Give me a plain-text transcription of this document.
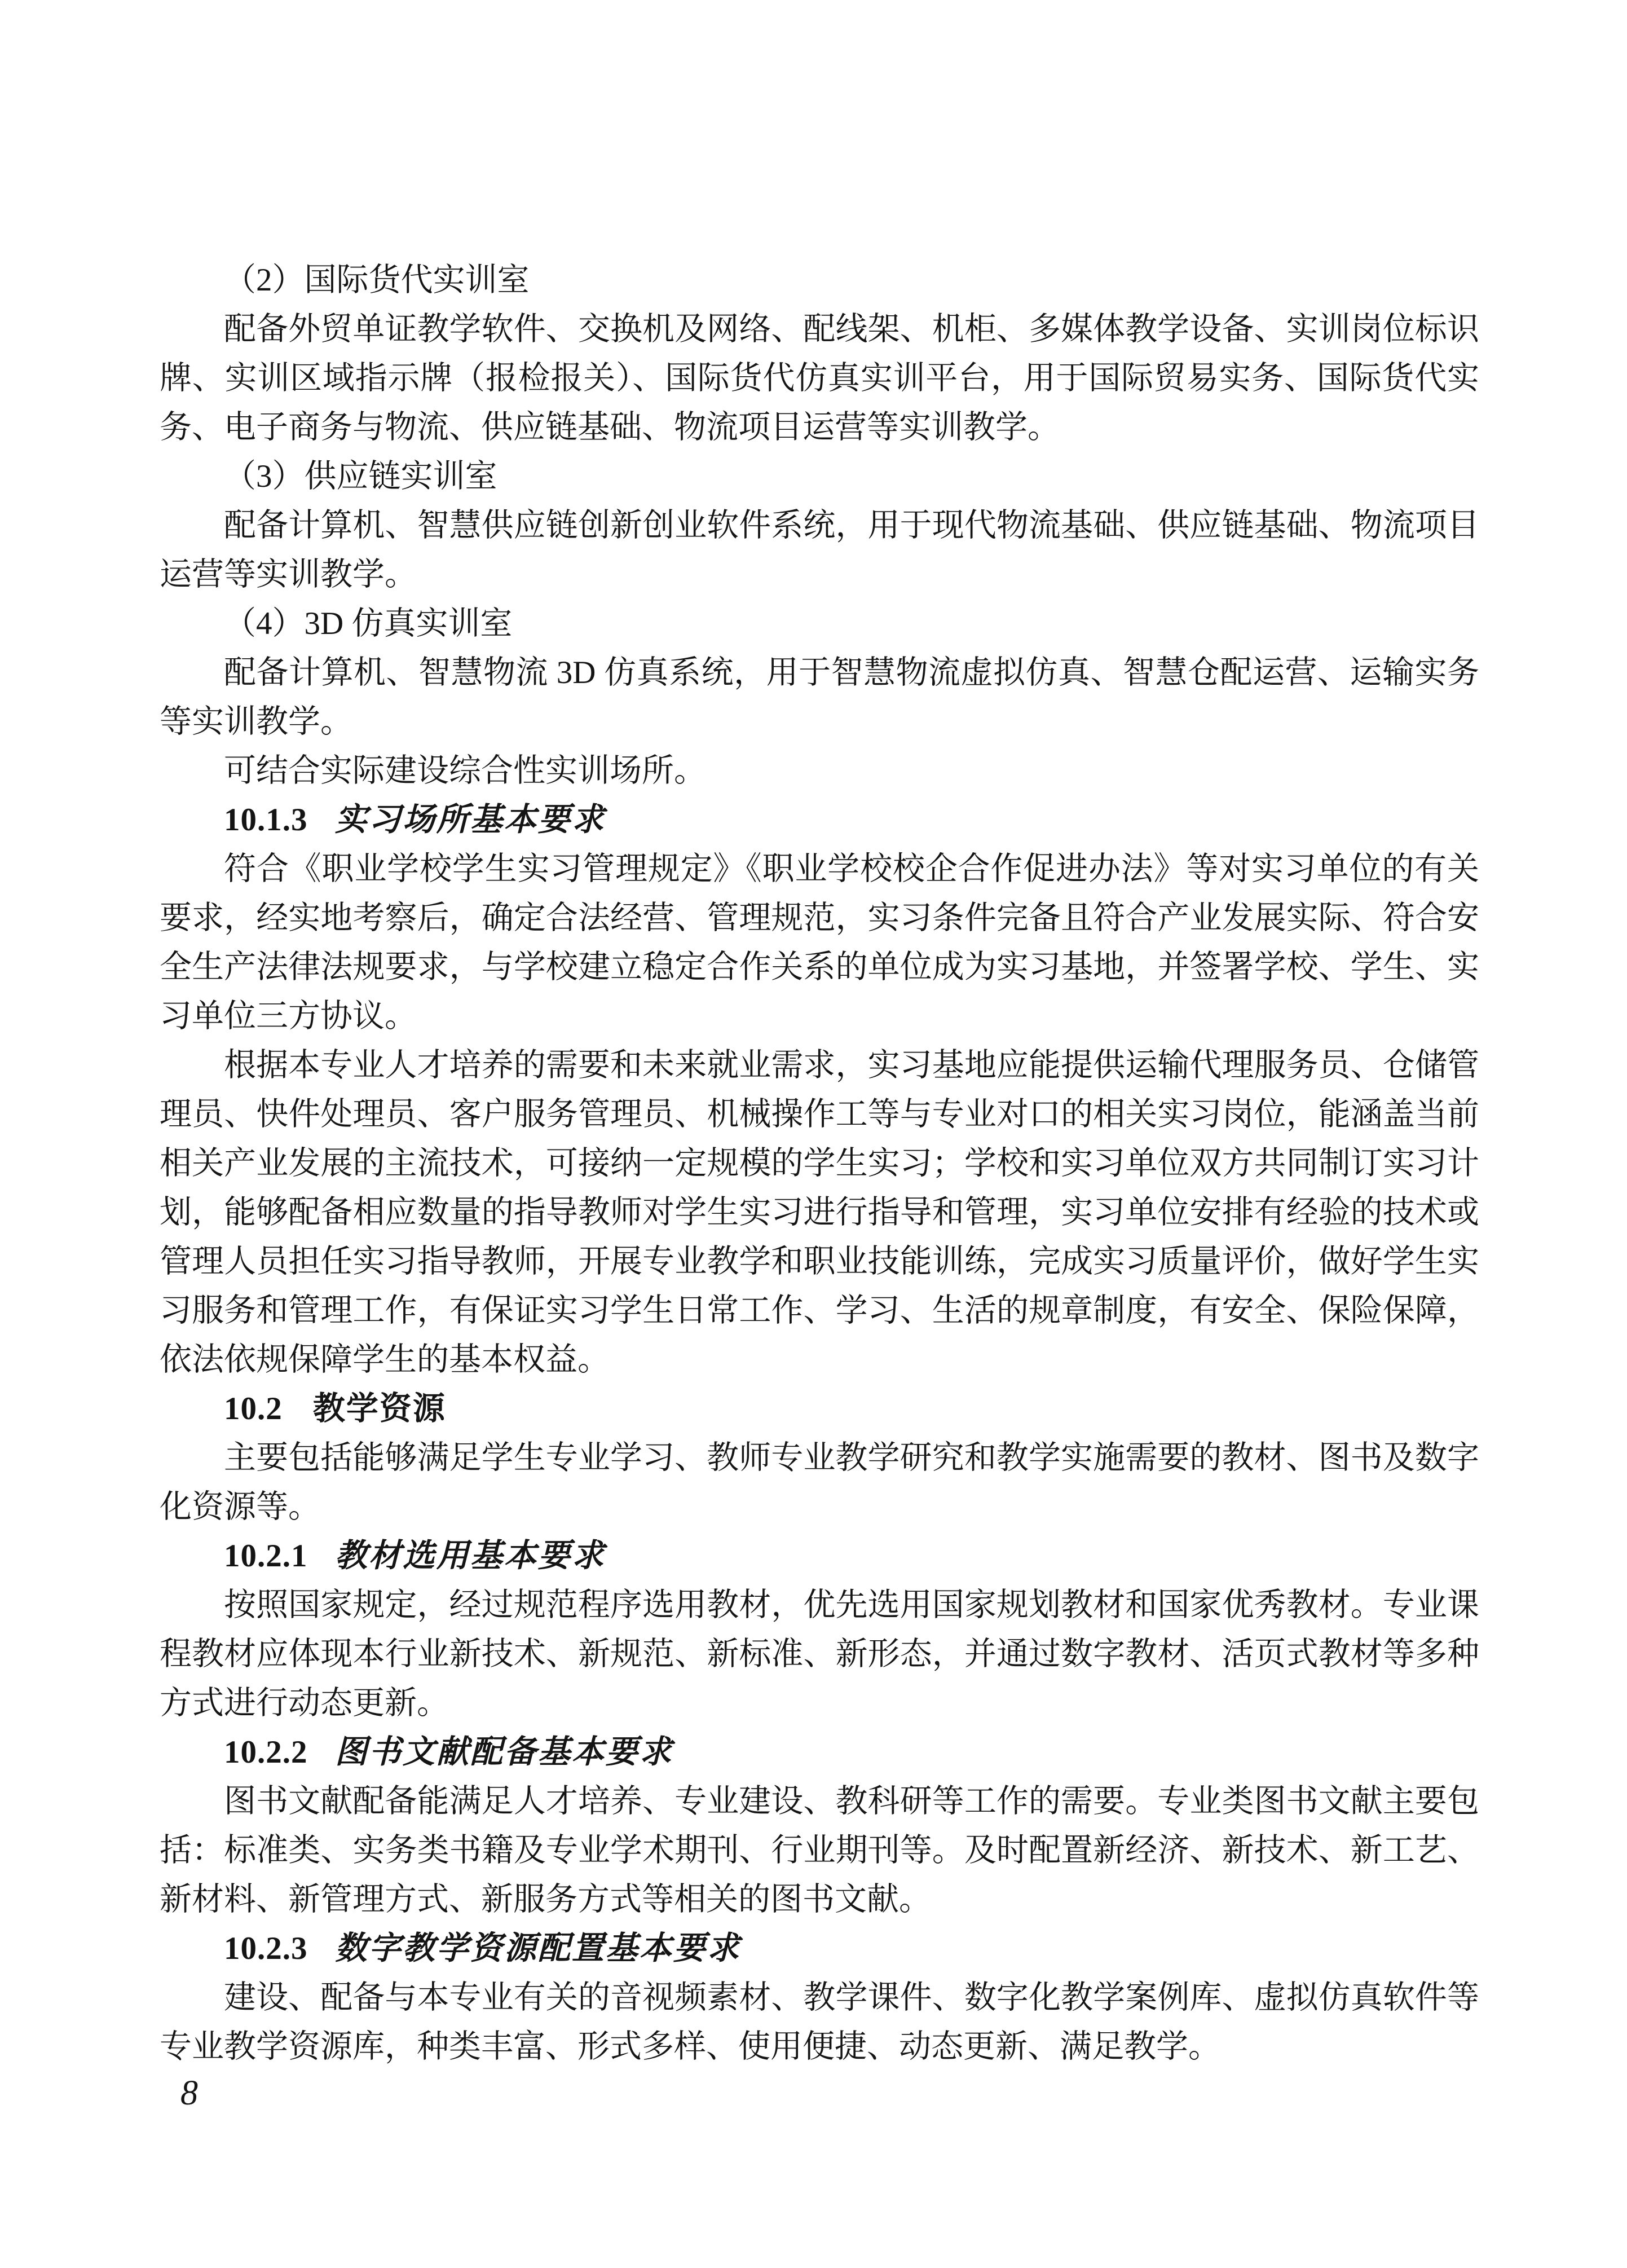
（2）国际货代实训室

配备外贸单证教学软件、交换机及网络、配线架、机柜、多媒体教学设备、实训岗位标识牌、实训区域指示牌（报检报关）、国际货代仿真实训平台，用于国际贸易实务、国际货代实务、电子商务与物流、供应链基础、物流项目运营等实训教学。

（3）供应链实训室

配备计算机、智慧供应链创新创业软件系统，用于现代物流基础、供应链基础、物流项目运营等实训教学。

（4）3D 仿真实训室

配备计算机、智慧物流 3D 仿真系统，用于智慧物流虚拟仿真、智慧仓配运营、运输实务等实训教学。

可结合实际建设综合性实训场所。

10.1.3 实习场所基本要求

符合《职业学校学生实习管理规定》《职业学校校企合作促进办法》等对实习单位的有关要求，经实地考察后，确定合法经营、管理规范，实习条件完备且符合产业发展实际、符合安全生产法律法规要求，与学校建立稳定合作关系的单位成为实习基地，并签署学校、学生、实习单位三方协议。

根据本专业人才培养的需要和未来就业需求，实习基地应能提供运输代理服务员、仓储管理员、快件处理员、客户服务管理员、机械操作工等与专业对口的相关实习岗位，能涵盖当前相关产业发展的主流技术，可接纳一定规模的学生实习；学校和实习单位双方共同制订实习计划，能够配备相应数量的指导教师对学生实习进行指导和管理，实习单位安排有经验的技术或管理人员担任实习指导教师，开展专业教学和职业技能训练，完成实习质量评价，做好学生实习服务和管理工作，有保证实习学生日常工作、学习、生活的规章制度，有安全、保险保障，依法依规保障学生的基本权益。

10.2 教学资源

主要包括能够满足学生专业学习、教师专业教学研究和教学实施需要的教材、图书及数字化资源等。

10.2.1 教材选用基本要求

按照国家规定，经过规范程序选用教材，优先选用国家规划教材和国家优秀教材。专业课程教材应体现本行业新技术、新规范、新标准、新形态，并通过数字教材、活页式教材等多种方式进行动态更新。

10.2.2 图书文献配备基本要求

图书文献配备能满足人才培养、专业建设、教科研等工作的需要。专业类图书文献主要包括：标准类、实务类书籍及专业学术期刊、行业期刊等。及时配置新经济、新技术、新工艺、新材料、新管理方式、新服务方式等相关的图书文献。

10.2.3 数字教学资源配置基本要求

建设、配备与本专业有关的音视频素材、教学课件、数字化教学案例库、虚拟仿真软件等专业教学资源库，种类丰富、形式多样、使用便捷、动态更新、满足教学。

8
